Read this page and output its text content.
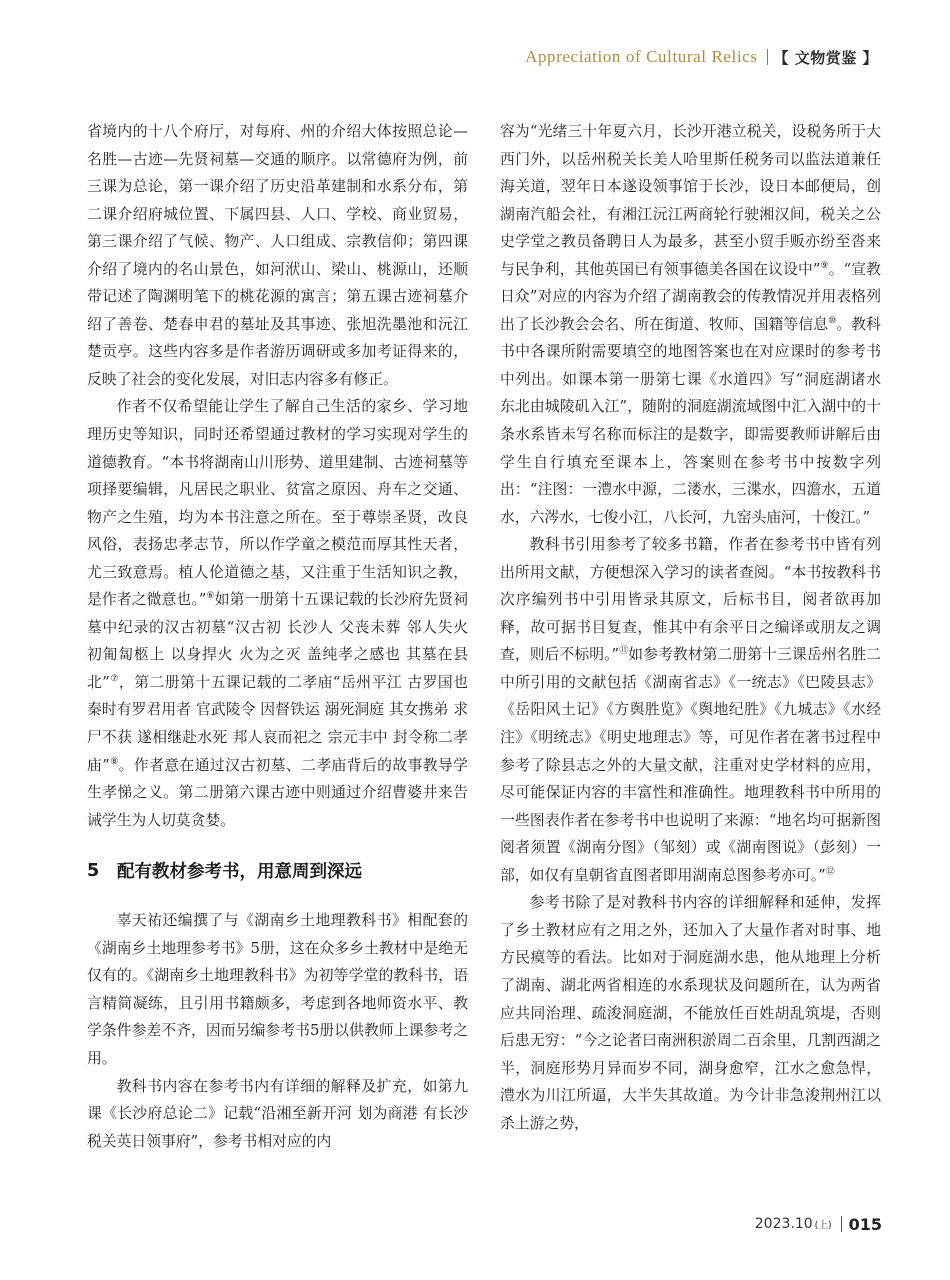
Appreciation of Cultural Relics 【 文物赏鉴 】

省境内的十八个府厅，对每府、州的介绍大体按照总论—名胜—古迹—先贤祠墓—交通的顺序。以常德府为例，前三课为总论，第一课介绍了历史沿革建制和水系分布，第二课介绍府城位置、下属四县、人口、学校、商业贸易，第三课介绍了气候、物产、人口组成、宗教信仰；第四课介绍了境内的名山景色，如河洑山、梁山、桃源山，还顺带记述了陶渊明笔下的桃花源的寓言；第五课古迹祠墓介绍了善卷、楚春申君的墓址及其事迹、张旭洗墨池和沅江楚贡亭。这些内容多是作者游历调研或多加考证得来的，反映了社会的变化发展，对旧志内容多有修正。

作者不仅希望能让学生了解自己生活的家乡、学习地理历史等知识，同时还希望通过教材的学习实现对学生的道德教育。“本书将湖南山川形势、道里建制、古迹祠墓等项择要编辑，凡居民之职业、贫富之原因、舟车之交通、物产之生殖，均为本书注意之所在。至于尊崇圣贤，改良风俗，表扬忠孝志节，所以作学童之模范而厚其性天者，尤三致意焉。植人伦道德之基，又注重于生活知识之教，是作者之微意也。”⑥如第一册第十五课记载的长沙府先贤祠墓中纪录的汉古初墓“汉古初 长沙人 父丧未葬 邻人失火 初匍匐柩上 以身捍火 火为之灭 盖纯孝之感也 其墓在县北”⑦，第二册第十五课记载的二孝庙“岳州平江 古罗国也 秦时有罗君用者 官武陵令 因督铁运 溺死洞庭 其女携弟 求尸不获 遂相继赴水死 邦人哀而祀之 宗元丰中 封令称二孝庙”⑧。作者意在通过汉古初墓、二孝庙背后的故事教导学生孝悌之义。第二册第六课古迹中则通过介绍曹婆井来告诫学生为人切莫贪婪。

5	配有教材参考书，用意周到深远

辜天祐还编撰了与《湖南乡土地理教科书》相配套的《湖南乡土地理参考书》5册，这在众多乡土教材中是绝无仅有的。《湖南乡土地理教科书》为初等学堂的教科书，语言精简凝练，且引用书籍颇多，考虑到各地师资水平、教学条件参差不齐，因而另编参考书5册以供教师上课参考之用。

教科书内容在参考书内有详细的解释及扩充，如第九课《长沙府总论二》记载“沿湘至新开河 划为商港 有长沙税关英日领事府”，参考书相对应的内

容为“光绪三十年夏六月，长沙开港立税关，设税务所于大西门外，以岳州税关长美人哈里斯任税务司以监法道兼任海关道，翌年日本遂设领事馆于长沙，设日本邮便局，创湖南汽船会社，有湘江沅江两商轮行驶湘汉间，税关之公史学堂之教员备聘日人为最多，甚至小贸手贩亦纷至沓来与民争利，其他英国已有领事德美各国在议设中”⑨。“宣教日众”对应的内容为介绍了湖南教会的传教情况并用表格列出了长沙教会会名、所在街道、牧师、国籍等信息⑩。教科书中各课所附需要填空的地图答案也在对应课时的参考书中列出。如课本第一册第七课《水道四》写“洞庭湖诸水 东北由城陵矶入江”，随附的洞庭湖流域图中汇入湖中的十条水系皆未写名称而标注的是数字，即需要教师讲解后由学生自行填充至课本上，答案则在参考书中按数字列出：“注图：一澧水中源，二溇水，三渫水，四澹水，五道水，六涔水，七俊小江，八长河，九窑头庙河，十俊江。”

教科书引用参考了较多书籍，作者在参考书中皆有列出所用文献，方便想深入学习的读者查阅。“本书按教科书次序编列书中引用皆录其原文，后标书目，阅者欲再加释，故可据书目复查，惟其中有余平日之编译或朋友之调查，则后不标明。”⑪如参考教材第二册第十三课岳州名胜二中所引用的文献包括《湖南省志》《一统志》《巴陵县志》《岳阳风土记》《方舆胜览》《舆地纪胜》《九城志》《水经注》《明统志》《明史地理志》等，可见作者在著书过程中参考了除县志之外的大量文献，注重对史学材料的应用，尽可能保证内容的丰富性和准确性。地理教科书中所用的一些图表作者在参考书中也说明了来源：“地名均可据新图阅者须置《湖南分图》（邹刻）或《湖南图说》（彭刻）一部，如仅有皇朝省直图者即用湖南总图参考亦可。”⑫

参考书除了是对教科书内容的详细解释和延伸，发挥了乡土教材应有之用之外，还加入了大量作者对时事、地方民瘼等的看法。比如对于洞庭湖水患，他从地理上分析了湖南、湖北两省相连的水系现状及问题所在，认为两省应共同治理、疏浚洞庭湖，不能放任百姓胡乱筑堤，否则后患无穷：“今之论者曰南洲积淤周二百余里，几割西湖之半，洞庭形势月异而岁不同，湖身愈窄，江水之愈急悍，澧水为川江所逼，大半失其故道。为今计非急浚荆州江以杀上游之势，

2023.10 (上) 015
